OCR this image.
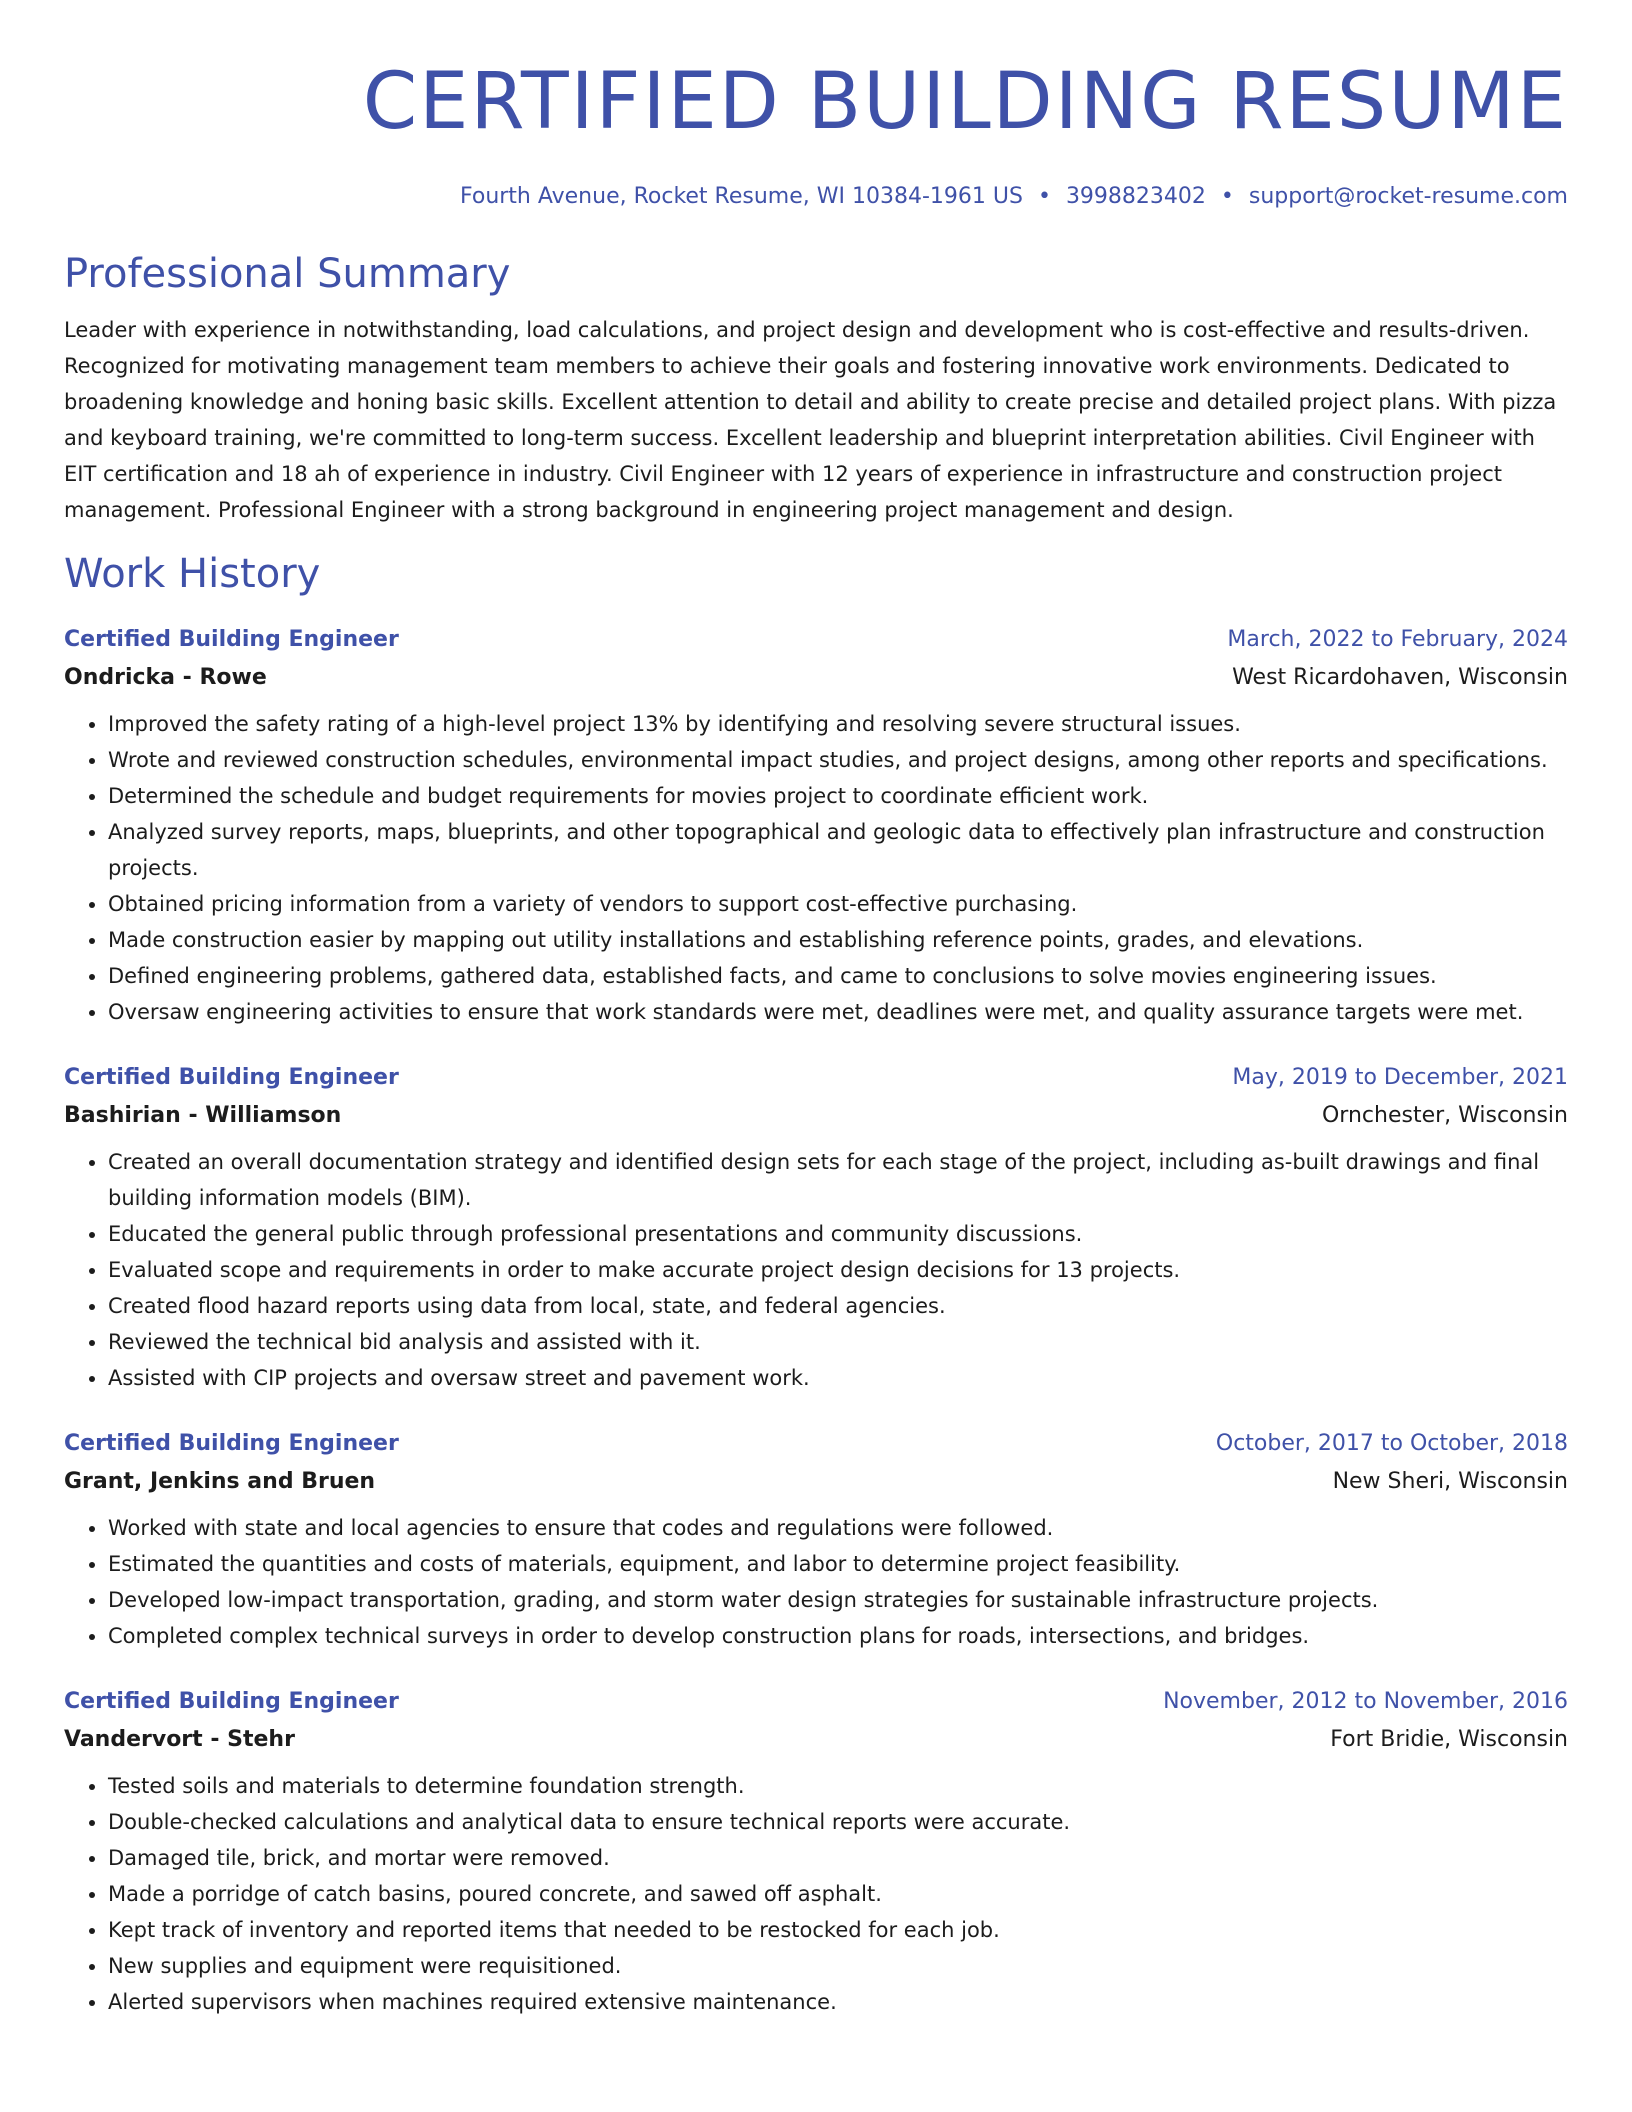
CERTIFIED BUILDING RESUME
Fourth Avenue, Rocket Resume, WI 10384-1961 US • 3998823402 • support@rocket-resume.com
Professional Summary

Leader with experience in notwithstanding, load calculations, and project design and development who is cost-effective and results-driven. Recognized for motivating management team members to achieve their goals and fostering innovative work environments. Dedicated to broadening knowledge and honing basic skills. Excellent attention to detail and ability to create precise and detailed project plans. With pizza and keyboard training, we're committed to long-term success. Excellent leadership and blueprint interpretation abilities. Civil Engineer with EIT certification and 18 ah of experience in industry. Civil Engineer with 12 years of experience in infrastructure and construction project management. Professional Engineer with a strong background in engineering project management and design.

Work History
Certified Building Engineer	March, 2022 to February, 2024
Ondricka - Rowe	West Ricardohaven, Wisconsin
• Improved the safety rating of a high-level project 13% by identifying and resolving severe structural issues.
• Wrote and reviewed construction schedules, environmental impact studies, and project designs, among other reports and specifications.
• Determined the schedule and budget requirements for movies project to coordinate efficient work.
• Analyzed survey reports, maps, blueprints, and other topographical and geologic data to effectively plan infrastructure and construction projects.
• Obtained pricing information from a variety of vendors to support cost-effective purchasing.
• Made construction easier by mapping out utility installations and establishing reference points, grades, and elevations.
• Defined engineering problems, gathered data, established facts, and came to conclusions to solve movies engineering issues.
• Oversaw engineering activities to ensure that work standards were met, deadlines were met, and quality assurance targets were met.
Certified Building Engineer	May, 2019 to December, 2021
Bashirian - Williamson	Ornchester, Wisconsin
• Created an overall documentation strategy and identified design sets for each stage of the project, including as-built drawings and final building information models (BIM).
• Educated the general public through professional presentations and community discussions.
• Evaluated scope and requirements in order to make accurate project design decisions for 13 projects.
• Created flood hazard reports using data from local, state, and federal agencies.
• Reviewed the technical bid analysis and assisted with it.
• Assisted with CIP projects and oversaw street and pavement work.
Certified Building Engineer	October, 2017 to October, 2018
Grant, Jenkins and Bruen	New Sheri, Wisconsin
• Worked with state and local agencies to ensure that codes and regulations were followed.
• Estimated the quantities and costs of materials, equipment, and labor to determine project feasibility.
• Developed low-impact transportation, grading, and storm water design strategies for sustainable infrastructure projects.
• Completed complex technical surveys in order to develop construction plans for roads, intersections, and bridges.
Certified Building Engineer	November, 2012 to November, 2016
Vandervort - Stehr	Fort Bridie, Wisconsin
• Tested soils and materials to determine foundation strength.
• Double-checked calculations and analytical data to ensure technical reports were accurate.
• Damaged tile, brick, and mortar were removed.
• Made a porridge of catch basins, poured concrete, and sawed off asphalt.
• Kept track of inventory and reported items that needed to be restocked for each job.
• New supplies and equipment were requisitioned.
• Alerted supervisors when machines required extensive maintenance.
